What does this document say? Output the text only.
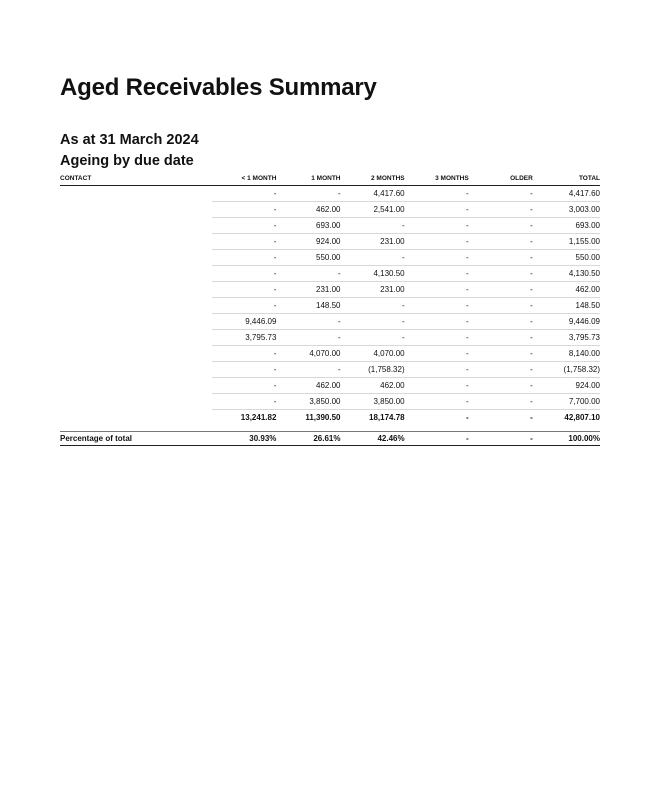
Aged Receivables Summary
As at 31 March 2024
Ageing by due date
CONTACT	< 1 MONTH	1 MONTH	2 MONTHS	3 MONTHS	OLDER	TOTAL
	-	-	4,417.60	-	-	4,417.60
	-	462.00	2,541.00	-	-	3,003.00
	-	693.00	-	-	-	693.00
	-	924.00	231.00	-	-	1,155.00
	-	550.00	-	-	-	550.00
	-	-	4,130.50	-	-	4,130.50
	-	231.00	231.00	-	-	462.00
	-	148.50	-	-	-	148.50
	9,446.09	-	-	-	-	9,446.09
	3,795.73	-	-	-	-	3,795.73
	-	4,070.00	4,070.00	-	-	8,140.00
	-	-	(1,758.32)	-	-	(1,758.32)
	-	462.00	462.00	-	-	924.00
	-	3,850.00	3,850.00	-	-	7,700.00
	13,241.82	11,390.50	18,174.78	-	-	42,807.10

Percentage of total	30.93%	26.61%	42.46%	-	-	100.00%
